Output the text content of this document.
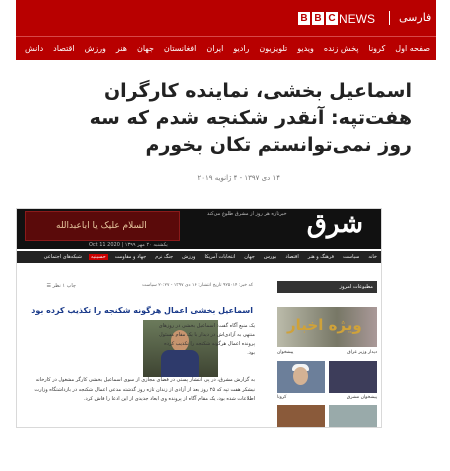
B B C NEWS فارسی
صفحه اول
کرونا
پخش زنده
ویدیو
تلویزیون
رادیو
ایران
افغانستان
جهان
هنر
ورزش
اقتصاد
دانش
اسماعیل بخشی، نماینده کارگران هفت‌تپه: آنقدر شکنجه شدم که سه روز نمی‌توانستم تکان بخورم
۱۴ دی ۱۳۹۷ - ۴ ژانویه ۲۰۱۹
السلام علیک یا اباعبدالله
خبرتازه هر روز از مشرق طلوع می‌کند شرق
Oct 11 2020 | یکشنبه ۲۰ مهر ۱۳۹۹
خانه
سیاست
فرهنگ و هنر
اقتصاد
بورس
جهان
انتخابات آمریکا
ورزش
جنگ نرم
جهاد و مقاومت
حسینیه
شبکه‌های اجتماعی
کد خبر: ۹۲۵۰۱۴ تاریخ انتشار: ۱۶ دی ۱۳۹۷ - ۲۰:۲۷ سیاست
چاپ ۱ نظر ☰
اسماعیل بخشی اعمال هرگونه شکنجه را تکذیب کرده بود
یک منبع آگاه گفت: اسماعیل بخشی در روزهای منتهی به آزادی‌اش در دیدار با یک مقام مسئول پرونده اعمال هرگونه شکنجه را تکذیب کرده بود.
به گزارش مشرق، در پی انتشار پستی در فضای مجازی از سوی اسماعیل بخشی کارگر مشغول در کارخانه نیشکر هفت تپه که ۲۵ روز بعد از آزادی از زندان تازه روز گذشته مدعی اعمال شکنجه در بازداشتگاه وزارت اطلاعات شده بود، یک مقام آگاه از پرونده وی ابعاد جدیدی از این ادعا را فاش کرد.
مطبوعات امروز
ویژه اخبار
دیدار وزیر عراق
پیشخوان
پیشخوان مشرق
کرونا
